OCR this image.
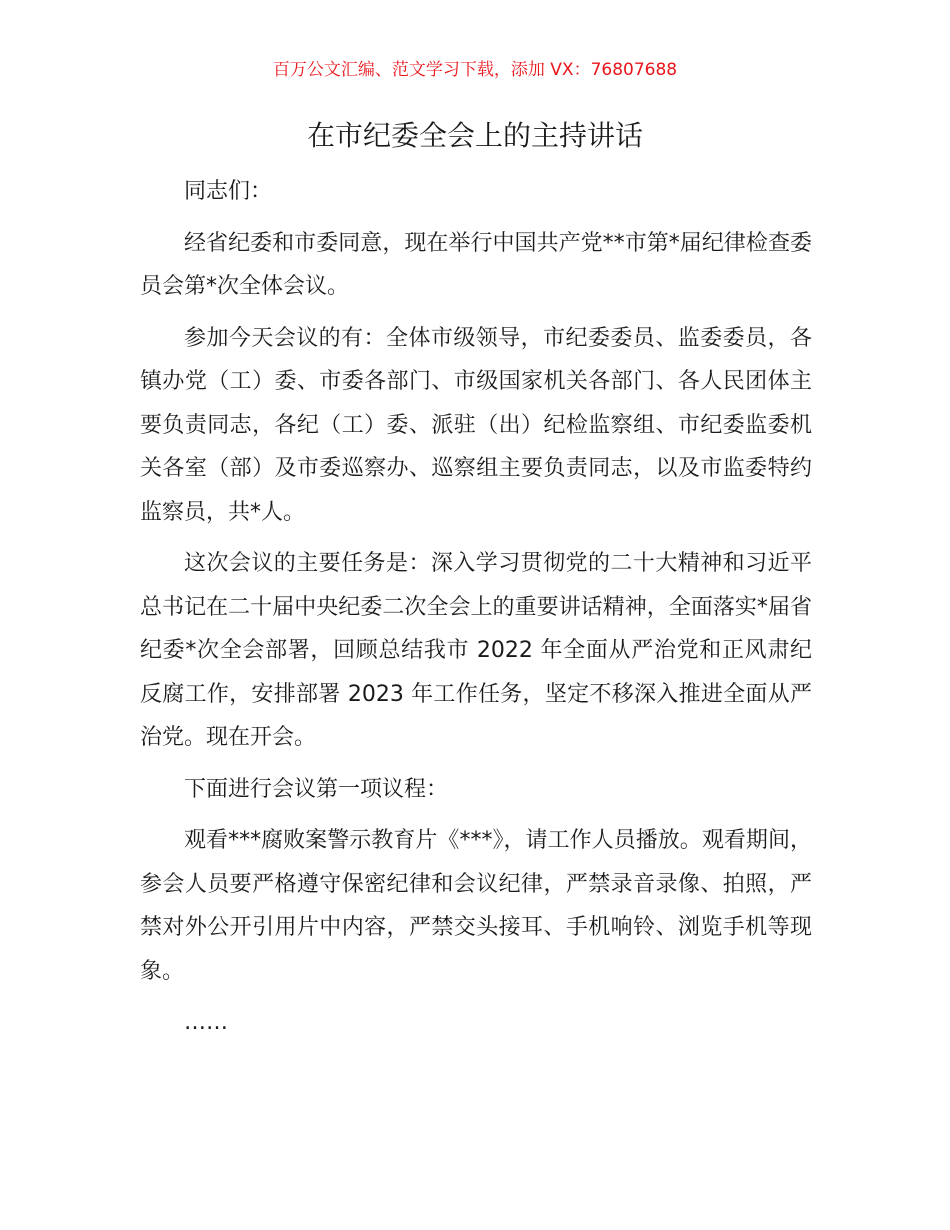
百万公文汇编、范文学习下载，添加 VX：76807688
在市纪委全会上的主持讲话

同志们：

经省纪委和市委同意，现在举行中国共产党**市第*届纪律检查委员会第*次全体会议。

参加今天会议的有：全体市级领导，市纪委委员、监委委员，各镇办党（工）委、市委各部门、市级国家机关各部门、各人民团体主要负责同志，各纪（工）委、派驻（出）纪检监察组、市纪委监委机关各室（部）及市委巡察办、巡察组主要负责同志，以及市监委特约监察员，共*人。

这次会议的主要任务是：深入学习贯彻党的二十大精神和习近平总书记在二十届中央纪委二次全会上的重要讲话精神，全面落实*届省纪委*次全会部署，回顾总结我市 2022 年全面从严治党和正风肃纪反腐工作，安排部署 2023 年工作任务，坚定不移深入推进全面从严治党。现在开会。

下面进行会议第一项议程：

观看***腐败案警示教育片《***》，请工作人员播放。观看期间，参会人员要严格遵守保密纪律和会议纪律，严禁录音录像、拍照，严禁对外公开引用片中内容，严禁交头接耳、手机响铃、浏览手机等现象。

……
